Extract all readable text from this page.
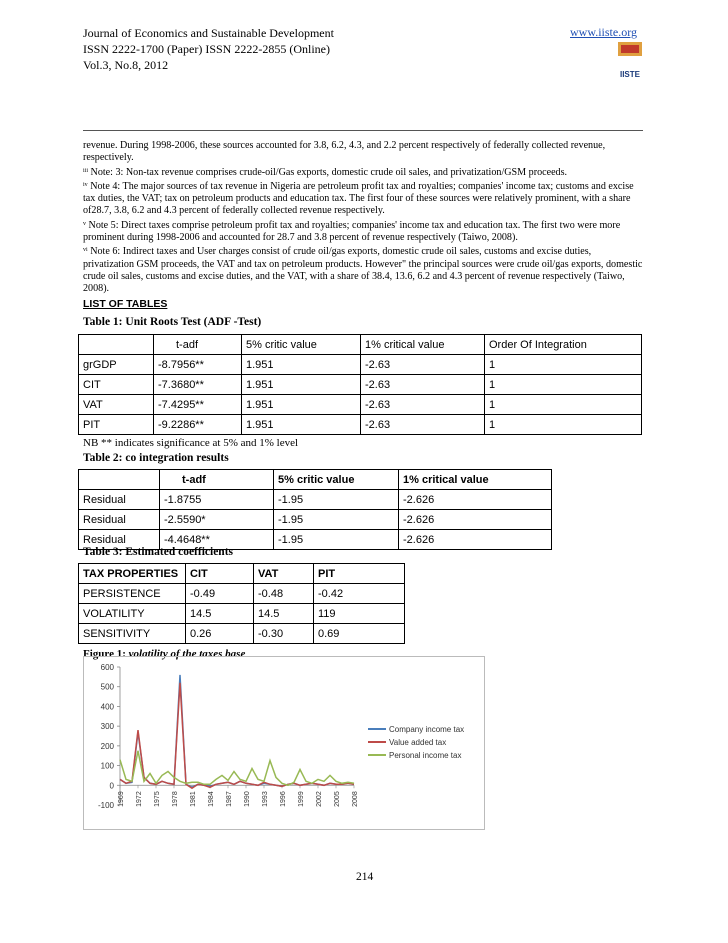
Journal of Economics and Sustainable Development
ISSN 2222-1700 (Paper) ISSN 2222-2855 (Online)
Vol.3, No.8, 2012
www.iiste.org
IISTE

revenue. During 1998-2006, these sources accounted for 3.8, 6.2, 4.3, and 2.2 percent respectively of federally collected revenue, respectively.

$^{iii}$ Note: 3: Non-tax revenue comprises crude-oil/Gas exports, domestic crude oil sales, and privatization/GSM proceeds.

$^{iv}$ Note 4: The major sources of tax revenue in Nigeria are petroleum profit tax and royalties; companies' income tax; customs and excise tax duties, the VAT; tax on petroleum products and education tax. The first four of these sources were relatively prominent, with a share of28.7, 3.8, 6.2 and 4.3 percent of federally collected revenue respectively.

$^v$ Note 5: Direct taxes comprise petroleum profit tax and royalties; companies' income tax and education tax. The first two were more prominent during 1998-2006 and accounted for 28.7 and 3.8 percent of revenue respectively (Taiwo, 2008).

$^{vi}$ Note 6: Indirect taxes and User charges consist of crude oil/gas exports, domestic crude oil sales, customs and excise duties, privatization GSM proceeds, the VAT and tax on petroleum products. However" the principal sources were crude oil/gas exports, domestic crude oil sales, customs and excise duties, and the VAT, with a share of 38.4, 13.6, 6.2 and 4.3 percent of revenue respectively (Taiwo, 2008).

LIST OF TABLES
Table 1: Unit Roots Test (ADF -Test)
	t-adf	5% critic value	1% critical value	Order Of Integration
grGDP	-8.7956**	1.951	-2.63	1
CIT	-7.3680**	1.951	-2.63	1
VAT	-7.4295**	1.951	-2.63	1
PIT	-9.2286**	1.951	-2.63	1
NB ** indicates significance at 5% and 1% level
Table 2: co integration results
	t-adf	5% critic value	1% critical value
Residual	-1.8755	-1.95	-2.626
Residual	-2.5590*	-1.95	-2.626
Residual	-4.4648**	-1.95	-2.626
Table 3: Estimated coefficients
TAX PROPERTIES	CIT	VAT	PIT
PERSISTENCE	-0.49	-0.48	-0.42
VOLATILITY	14.5	14.5	119
SENSITIVITY	0.26	-0.30	0.69
Figure 1: volatility of the taxes base
-100
0
100
200
300
400
500
600
1969 1972 1975 1978 1981 1984 1987 1990 1993 1996 1999 2002 2005 2008
Company income tax
Value added tax
Personal income tax
214
